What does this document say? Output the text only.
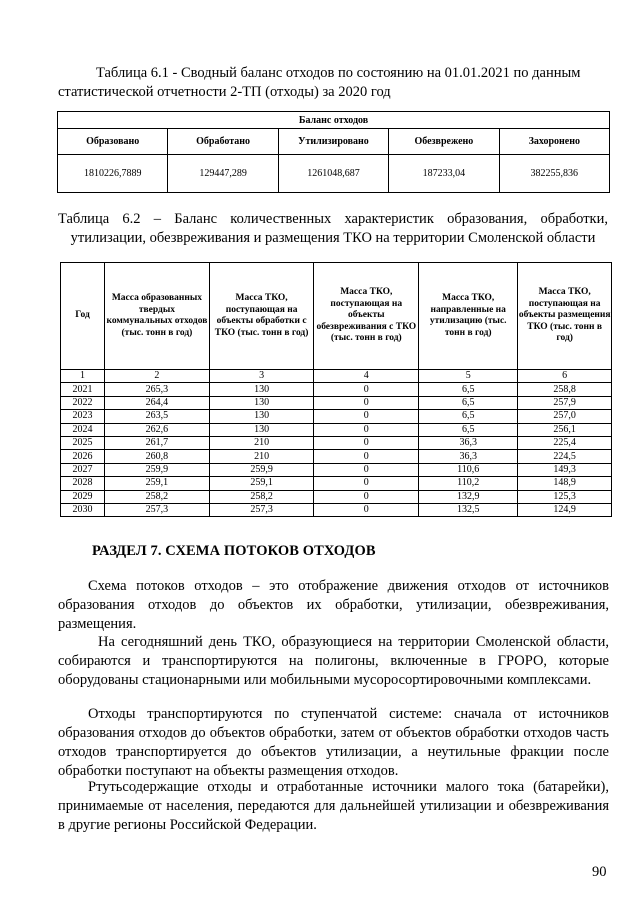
Таблица 6.1 - Сводный баланс отходов по состоянию на 01.01.2021 по данным статистической отчетности 2-ТП (отходы) за 2020 год
Баланс отходов				
Образовано	Обработано	Утилизировано	Обезврежено	Захоронено
1810226,7889	129447,289	1261048,687	187233,04	382255,836
Таблица 6.2 – Баланс количественных характеристик образования, обработки, утилизации, обезвреживания и размещения ТКО на территории Смоленской области
Год	Масса образованных твердых коммунальных отходов (тыс. тонн в год)	Масса ТКО, поступающая на объекты обработки с ТКО (тыс. тонн в год)	Масса ТКО, поступающая на объекты обезвреживания с ТКО (тыс. тонн в год)	Масса ТКО, направленные на утилизацию (тыс. тонн в год)	Масса ТКО, поступающая на объекты размещения ТКО (тыс. тонн в год)
1	2	3	4	5	6
2021	265,3	130	0	6,5	258,8
2022	264,4	130	0	6,5	257,9
2023	263,5	130	0	6,5	257,0
2024	262,6	130	0	6,5	256,1
2025	261,7	210	0	36,3	225,4
2026	260,8	210	0	36,3	224,5
2027	259,9	259,9	0	110,6	149,3
2028	259,1	259,1	0	110,2	148,9
2029	258,2	258,2	0	132,9	125,3
2030	257,3	257,3	0	132,5	124,9
РАЗДЕЛ 7. СХЕМА ПОТОКОВ ОТХОДОВ

Схема потоков отходов – это отображение движения отходов от источников образования отходов до объектов их обработки, утилизации, обезвреживания, размещения.

На сегодняшний день ТКО, образующиеся на территории Смоленской области, собираются и транспортируются на полигоны, включенные в ГРОРО, которые оборудованы стационарными или мобильными мусоросортировочными комплексами.

Отходы транспортируются по ступенчатой системе: сначала от источников образования отходов до объектов обработки, затем от объектов обработки отходов часть отходов транспортируется до объектов утилизации, а неутильные фракции после обработки поступают на объекты размещения отходов.

Ртутьсодержащие отходы и отработанные источники малого тока (батарейки), принимаемые от населения, передаются для дальнейшей утилизации и обезвреживания в другие регионы Российской Федерации.

90
